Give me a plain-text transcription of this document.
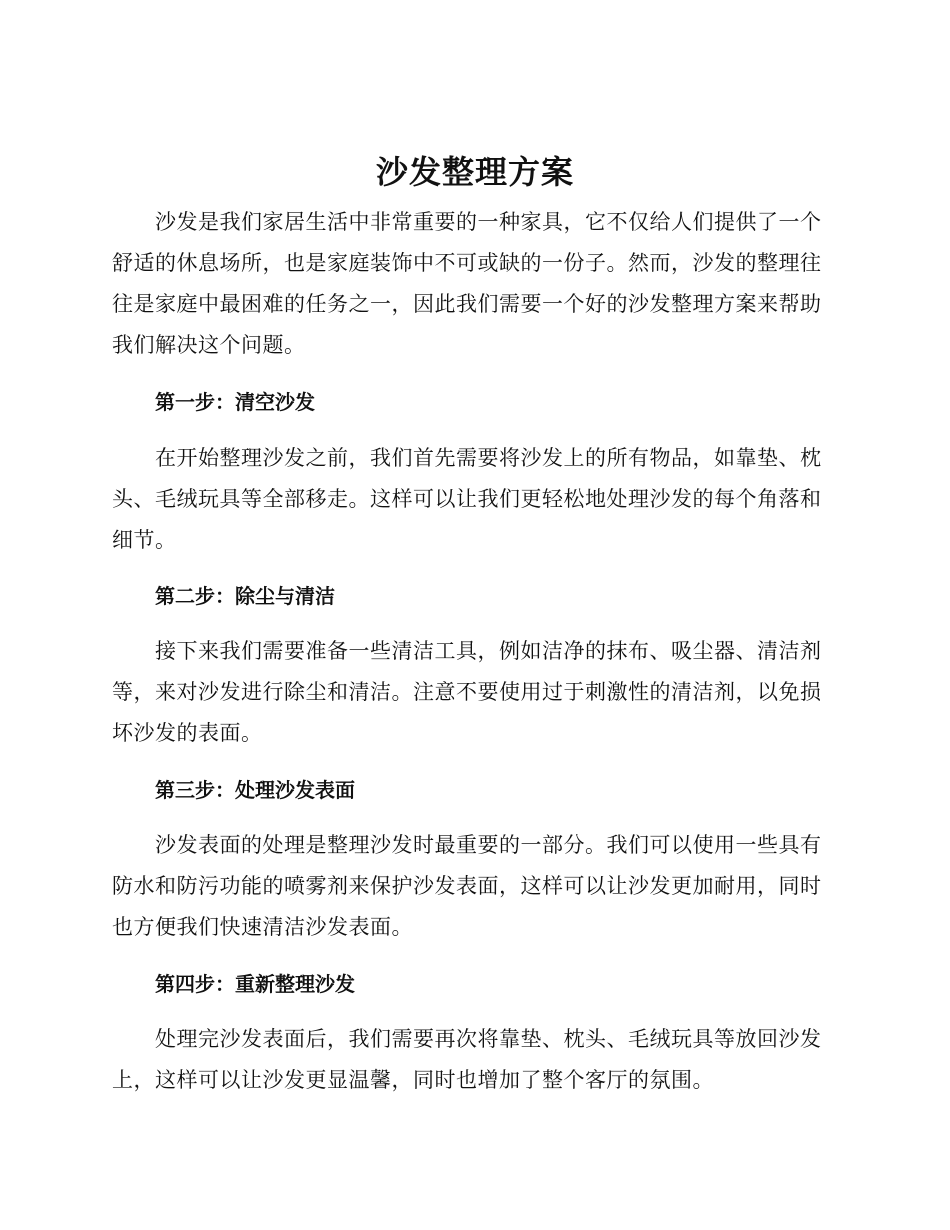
沙发整理方案

沙发是我们家居生活中非常重要的一种家具，它不仅给人们提供了一个舒适的休息场所，也是家庭装饰中不可或缺的一份子。然而，沙发的整理往往是家庭中最困难的任务之一，因此我们需要一个好的沙发整理方案来帮助我们解决这个问题。

第一步：清空沙发

在开始整理沙发之前，我们首先需要将沙发上的所有物品，如靠垫、枕头、毛绒玩具等全部移走。这样可以让我们更轻松地处理沙发的每个角落和细节。

第二步：除尘与清洁

接下来我们需要准备一些清洁工具，例如洁净的抹布、吸尘器、清洁剂等，来对沙发进行除尘和清洁。注意不要使用过于刺激性的清洁剂，以免损坏沙发的表面。

第三步：处理沙发表面

沙发表面的处理是整理沙发时最重要的一部分。我们可以使用一些具有防水和防污功能的喷雾剂来保护沙发表面，这样可以让沙发更加耐用，同时也方便我们快速清洁沙发表面。

第四步：重新整理沙发

处理完沙发表面后，我们需要再次将靠垫、枕头、毛绒玩具等放回沙发上，这样可以让沙发更显温馨，同时也增加了整个客厅的氛围。
